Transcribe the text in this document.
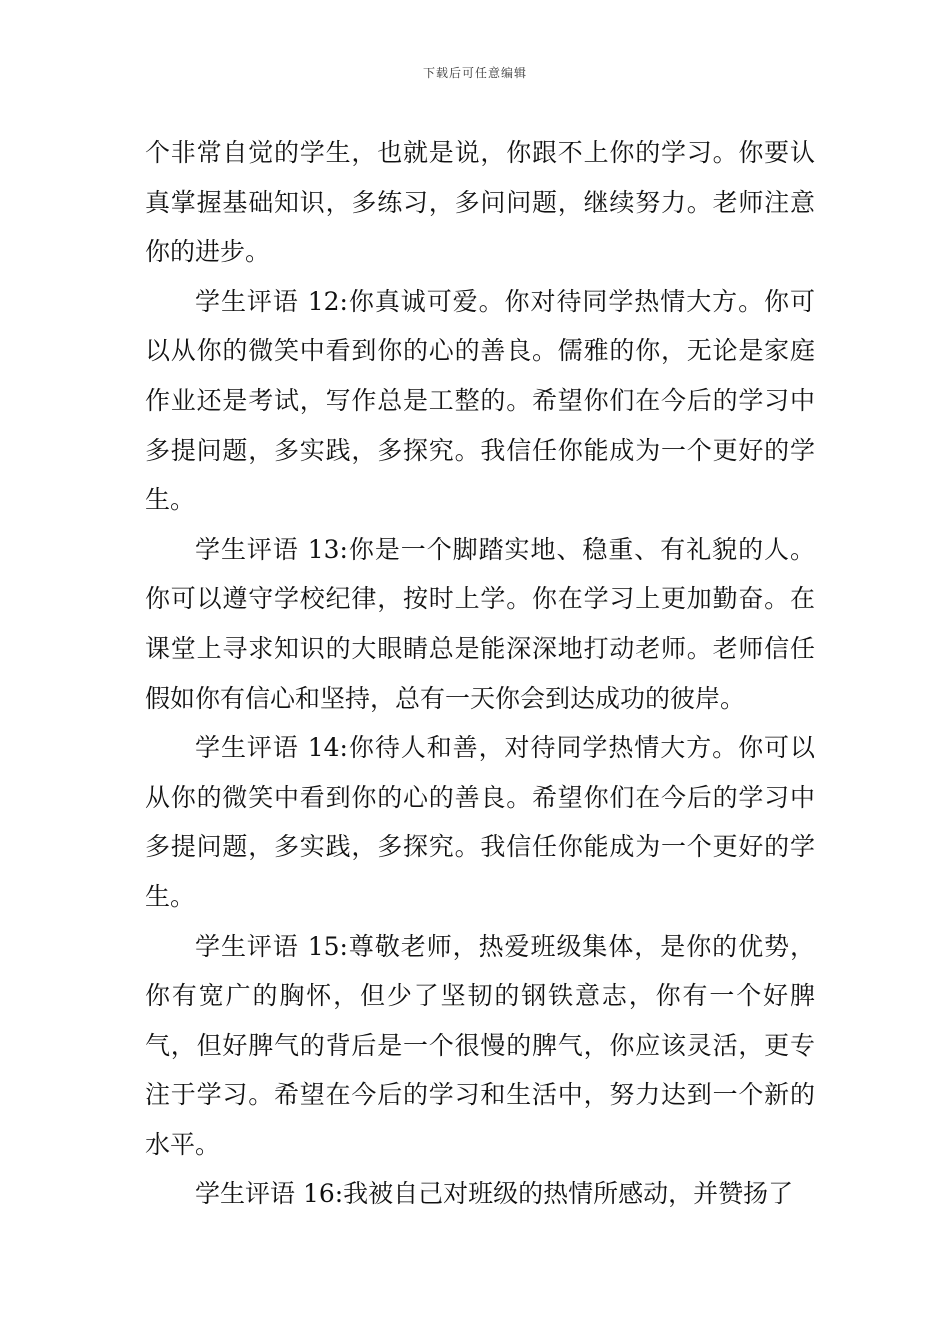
下载后可任意编辑

个非常自觉的学生，也就是说，你跟不上你的学习。你要认真掌握基础知识，多练习，多问问题，继续努力。老师注意你的进步。

学生评语 12:你真诚可爱。你对待同学热情大方。你可以从你的微笑中看到你的心的善良。儒雅的你，无论是家庭作业还是考试，写作总是工整的。希望你们在今后的学习中多提问题，多实践，多探究。我信任你能成为一个更好的学生。

学生评语 13:你是一个脚踏实地、稳重、有礼貌的人。你可以遵守学校纪律，按时上学。你在学习上更加勤奋。在课堂上寻求知识的大眼睛总是能深深地打动老师。老师信任假如你有信心和坚持，总有一天你会到达成功的彼岸。

学生评语 14:你待人和善，对待同学热情大方。你可以从你的微笑中看到你的心的善良。希望你们在今后的学习中多提问题，多实践，多探究。我信任你能成为一个更好的学生。

学生评语 15:尊敬老师，热爱班级集体，是你的优势，你有宽广的胸怀，但少了坚韧的钢铁意志，你有一个好脾气，但好脾气的背后是一个很慢的脾气，你应该灵活，更专注于学习。希望在今后的学习和生活中，努力达到一个新的水平。

学生评语 16:我被自己对班级的热情所感动，并赞扬了
